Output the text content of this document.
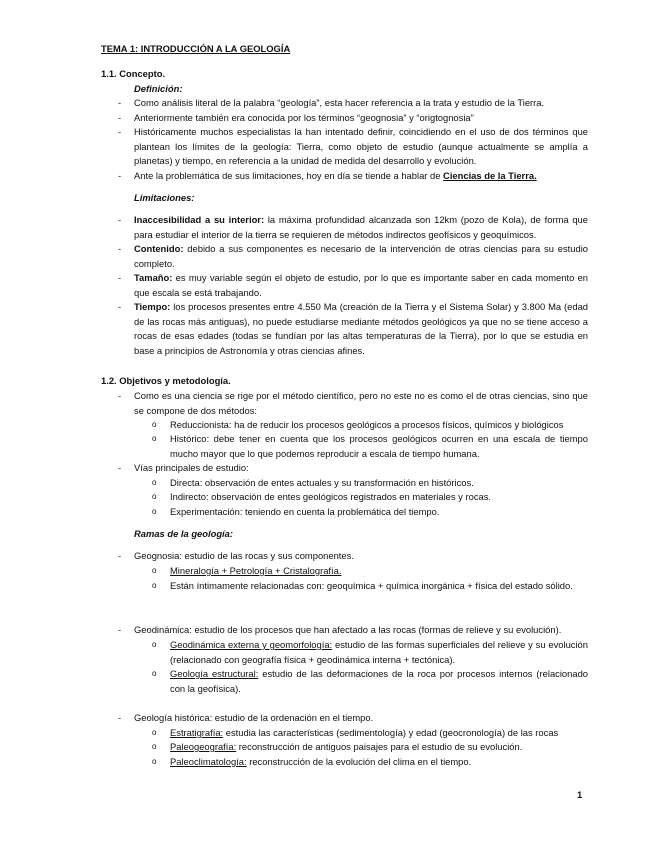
TEMA 1: INTRODUCCIÓN A LA GEOLOGÍA
1.1. Concepto.
Definición:
- Como análisis literal de la palabra “geología”, esta hacer referencia a la trata y estudio de la Tierra.
- Anteriormente también era conocida por los términos “geognosia” y “origtognosia”
- Históricamente muchos especialistas la han intentado definir, coincidiendo en el uso de dos términos que plantean los límites de la geología: Tierra, como objeto de estudio (aunque actualmente se amplía a planetas) y tiempo, en referencia a la unidad de medida del desarrollo y evolución.
- Ante la problemática de sus limitaciones, hoy en día se tiende a hablar de Ciencias de la Tierra.
Limitaciones:
- Inaccesibilidad a su interior: la máxima profundidad alcanzada son 12km (pozo de Kola), de forma que para estudiar el interior de la tierra se requieren de métodos indirectos geofísicos y geoquímicos.
- Contenido: debido a sus componentes es necesario de la intervención de otras ciencias para su estudio completo.
- Tamaño: es muy variable según el objeto de estudio, por lo que es importante saber en cada momento en que escala se está trabajando.
- Tiempo: los procesos presentes entre 4.550 Ma (creación de la Tierra y el Sistema Solar) y 3.800 Ma (edad de las rocas más antiguas), no puede estudiarse mediante métodos geológicos ya que no se tiene acceso a rocas de esas edades (todas se fundían por las altas temperaturas de la Tierra), por lo que se estudia en base a principios de Astronomía y otras ciencias afines.
1.2. Objetivos y metodología.
- Como es una ciencia se rige por el método científico, pero no este no es como el de otras ciencias, sino que se compone de dos métodos:
o Reduccionista: ha de reducir los procesos geológicos a procesos físicos, químicos y biológicos
o Histórico: debe tener en cuenta que los procesos geológicos ocurren en una escala de tiempo mucho mayor que lo que podemos reproducir a escala de tiempo humana.
- Vías principales de estudio:
o Directa: observación de entes actuales y su transformación en históricos.
o Indirecto: observación de entes geológicos registrados en materiales y rocas.
o Experimentación: teniendo en cuenta la problemática del tiempo.
Ramas de la geología:
- Geognosia: estudio de las rocas y sus componentes.
o Mineralogía + Petrología + Cristalografía.
o Están íntimamente relacionadas con: geoquímica + química inorgánica + física del estado sólido.
- Geodinámica: estudio de los procesos que han afectado a las rocas (formas de relieve y su evolución).
o Geodinámica externa y geomorfología: estudio de las formas superficiales del relieve y su evolución (relacionado con geografía física + geodinámica interna + tectónica).
o Geología estructural: estudio de las deformaciones de la roca por procesos internos (relacionado con la geofísica).
- Geología histórica: estudio de la ordenación en el tiempo.
o Estratigrafía: estudia las características (sedimentología) y edad (geocronología) de las rocas
o Paleogeografía: reconstrucción de antiguos paisajes para el estudio de su evolución.
o Paleoclimatología: reconstrucción de la evolución del clima en el tiempo.
1
